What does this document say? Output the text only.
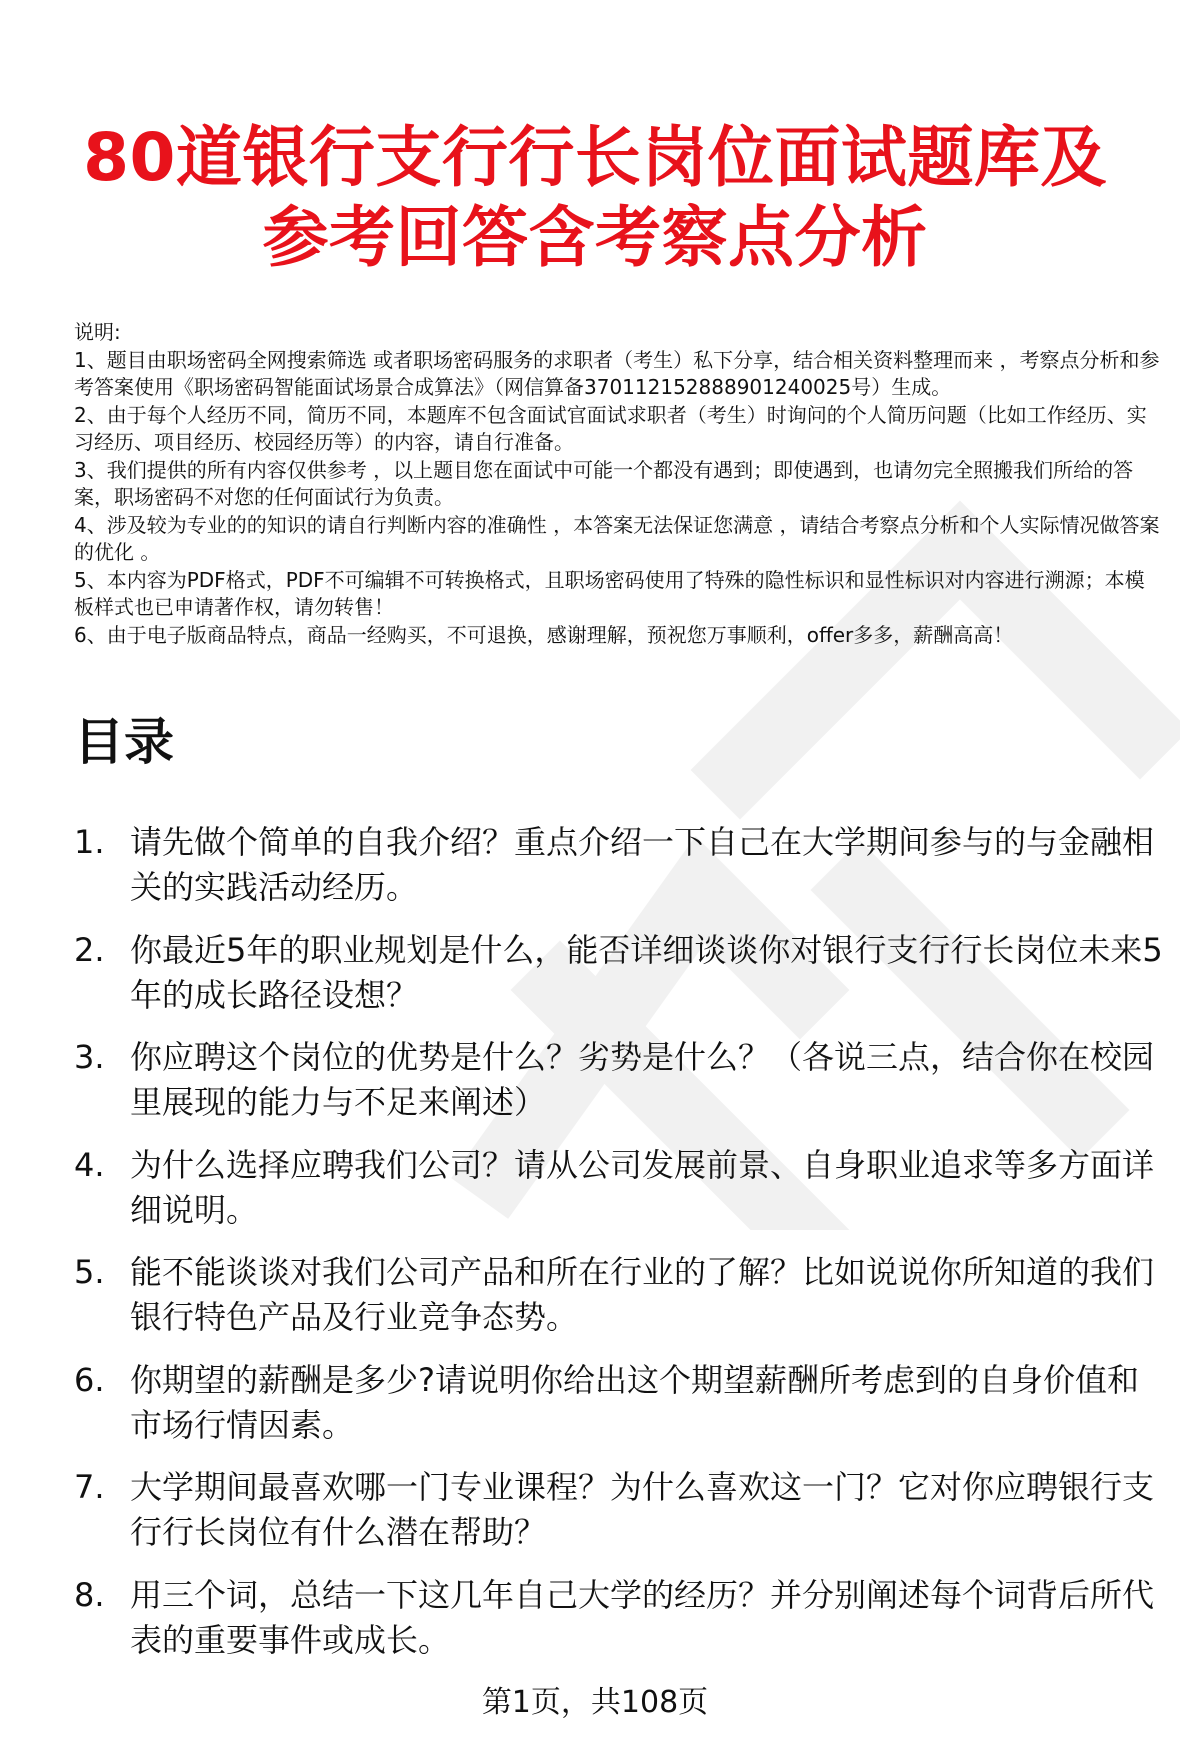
80道银行支行行长岗位面试题库及
参考回答含考察点分析

说明:

1、题目由职场密码全网搜索筛选 或者职场密码服务的求职者（考生）私下分享，结合相关资料整理而来 ，考察点分析和参考答案使用《职场密码智能面试场景合成算法》（网信算备370112152888901240025号）生成。

2、由于每个人经历不同，简历不同，本题库不包含面试官面试求职者（考生）时询问的个人简历问题（比如工作经历、实习经历、项目经历、校园经历等）的内容，请自行准备。

3、我们提供的所有内容仅供参考 ，以上题目您在面试中可能一个都没有遇到；即使遇到，也请勿完全照搬我们所给的答案，职场密码不对您的任何面试行为负责。

4、涉及较为专业的的知识的请自行判断内容的准确性 ，本答案无法保证您满意 ，请结合考察点分析和个人实际情况做答案的优化 。

5、本内容为PDF格式，PDF不可编辑不可转换格式，且职场密码使用了特殊的隐性标识和显性标识对内容进行溯源；本模板样式也已申请著作权，请勿转售！

6、由于电子版商品特点，商品一经购买，不可退换，感谢理解，预祝您万事顺利，offer多多，薪酬高高！

目录
1. 请先做个简单的自我介绍？重点介绍一下自己在大学期间参与的与金融相关的实践活动经历。
2. 你最近5年的职业规划是什么，能否详细谈谈你对银行支行行长岗位未来5年的成长路径设想？
3. 你应聘这个岗位的优势是什么？劣势是什么？（各说三点，结合你在校园里展现的能力与不足来阐述）
4. 为什么选择应聘我们公司？请从公司发展前景、自身职业追求等多方面详细说明。
5. 能不能谈谈对我们公司产品和所在行业的了解？比如说说你所知道的我们银行特色产品及行业竞争态势。
6. 你期望的薪酬是多少?请说明你给出这个期望薪酬所考虑到的自身价值和市场行情因素。
7. 大学期间最喜欢哪一门专业课程？为什么喜欢这一门？它对你应聘银行支行行长岗位有什么潜在帮助？
8. 用三个词，总结一下这几年自己大学的经历？并分别阐述每个词背后所代表的重要事件或成长。
第1页，共108页
